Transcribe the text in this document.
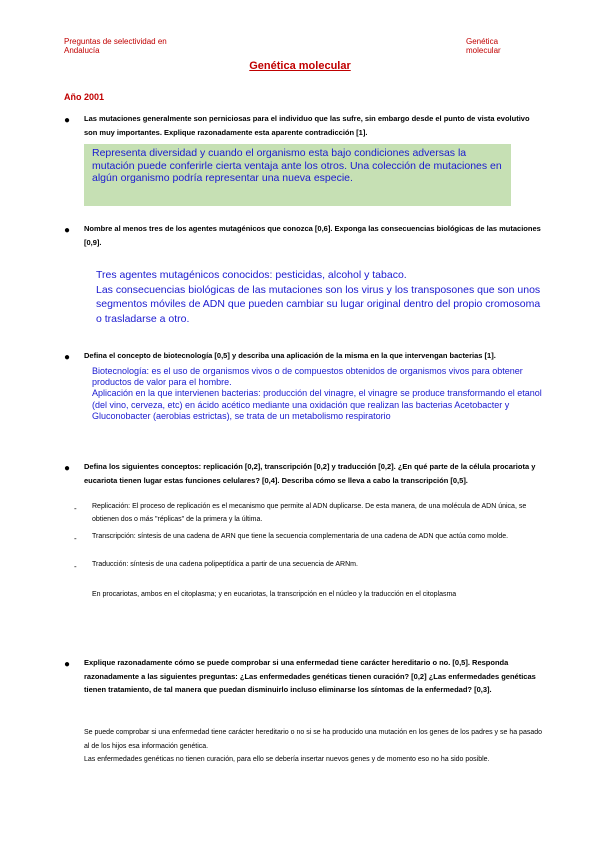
Preguntas de selectividad en
Andalucía
Genética
molecular
Genética molecular
Año 2001
● Las mutaciones generalmente son perniciosas para el individuo que las sufre, sin embargo desde el punto de vista evolutivo son muy importantes. Explique razonadamente esta aparente contradicción [1].
Representa diversidad y cuando el organismo esta bajo condiciones adversas la mutación puede conferirle cierta ventaja ante los otros. Una colección de mutaciones en algún organismo podría representar una nueva especie.
● Nombre al menos tres de los agentes mutagénicos que conozca [0,6]. Exponga las consecuencias biológicas de las mutaciones [0,9].
Tres agentes mutagénicos conocidos: pesticidas, alcohol y tabaco.
Las consecuencias biológicas de las mutaciones son los virus y los transposones que son unos segmentos móviles de ADN que pueden cambiar su lugar original dentro del propio cromosoma o trasladarse a otro.
● Defina el concepto de biotecnología [0,5] y describa una aplicación de la misma en la que intervengan bacterias [1].
Biotecnología: es el uso de organismos vivos o de compuestos obtenidos de organismos vivos para obtener productos de valor para el hombre.
Aplicación en la que intervienen bacterias: producción del vinagre, el vinagre se produce transformando el etanol (del vino, cerveza, etc) en ácido acético mediante una oxidación que realizan las bacterias Acetobacter y Gluconobacter (aerobias estrictas), se trata de un metabolismo respiratorio
● Defina los siguientes conceptos: replicación [0,2], transcripción [0,2] y traducción [0,2]. ¿En qué parte de la célula procariota y eucariota tienen lugar estas funciones celulares? [0,4]. Describa cómo se lleva a cabo la transcripción [0,5].
- Replicación: El proceso de replicación es el mecanismo que permite al ADN duplicarse. De esta manera, de una molécula de ADN única, se obtienen dos o más "réplicas" de la primera y la última.
- Transcripción: síntesis de una cadena de ARN que tiene la secuencia complementaria de una cadena de ADN que actúa como molde.
- Traducción: síntesis de una cadena polipeptídica a partir de una secuencia de ARNm.
En procariotas, ambos en el citoplasma; y en eucariotas, la transcripción en el núcleo y la traducción en el citoplasma
● Explique razonadamente cómo se puede comprobar si una enfermedad tiene carácter hereditario o no. [0,5]. Responda razonadamente a las siguientes preguntas: ¿Las enfermedades genéticas tienen curación? [0,2] ¿Las enfermedades genéticas tienen tratamiento, de tal manera que puedan disminuirlo incluso eliminarse los síntomas de la enfermedad? [0,3].
Se puede comprobar si una enfermedad tiene carácter hereditario o no si se ha producido una mutación en los genes de los padres y se ha pasado al de los hijos esa información genética.
Las enfermedades genéticas no tienen curación, para ello se debería insertar nuevos genes y de momento eso no ha sido posible.
